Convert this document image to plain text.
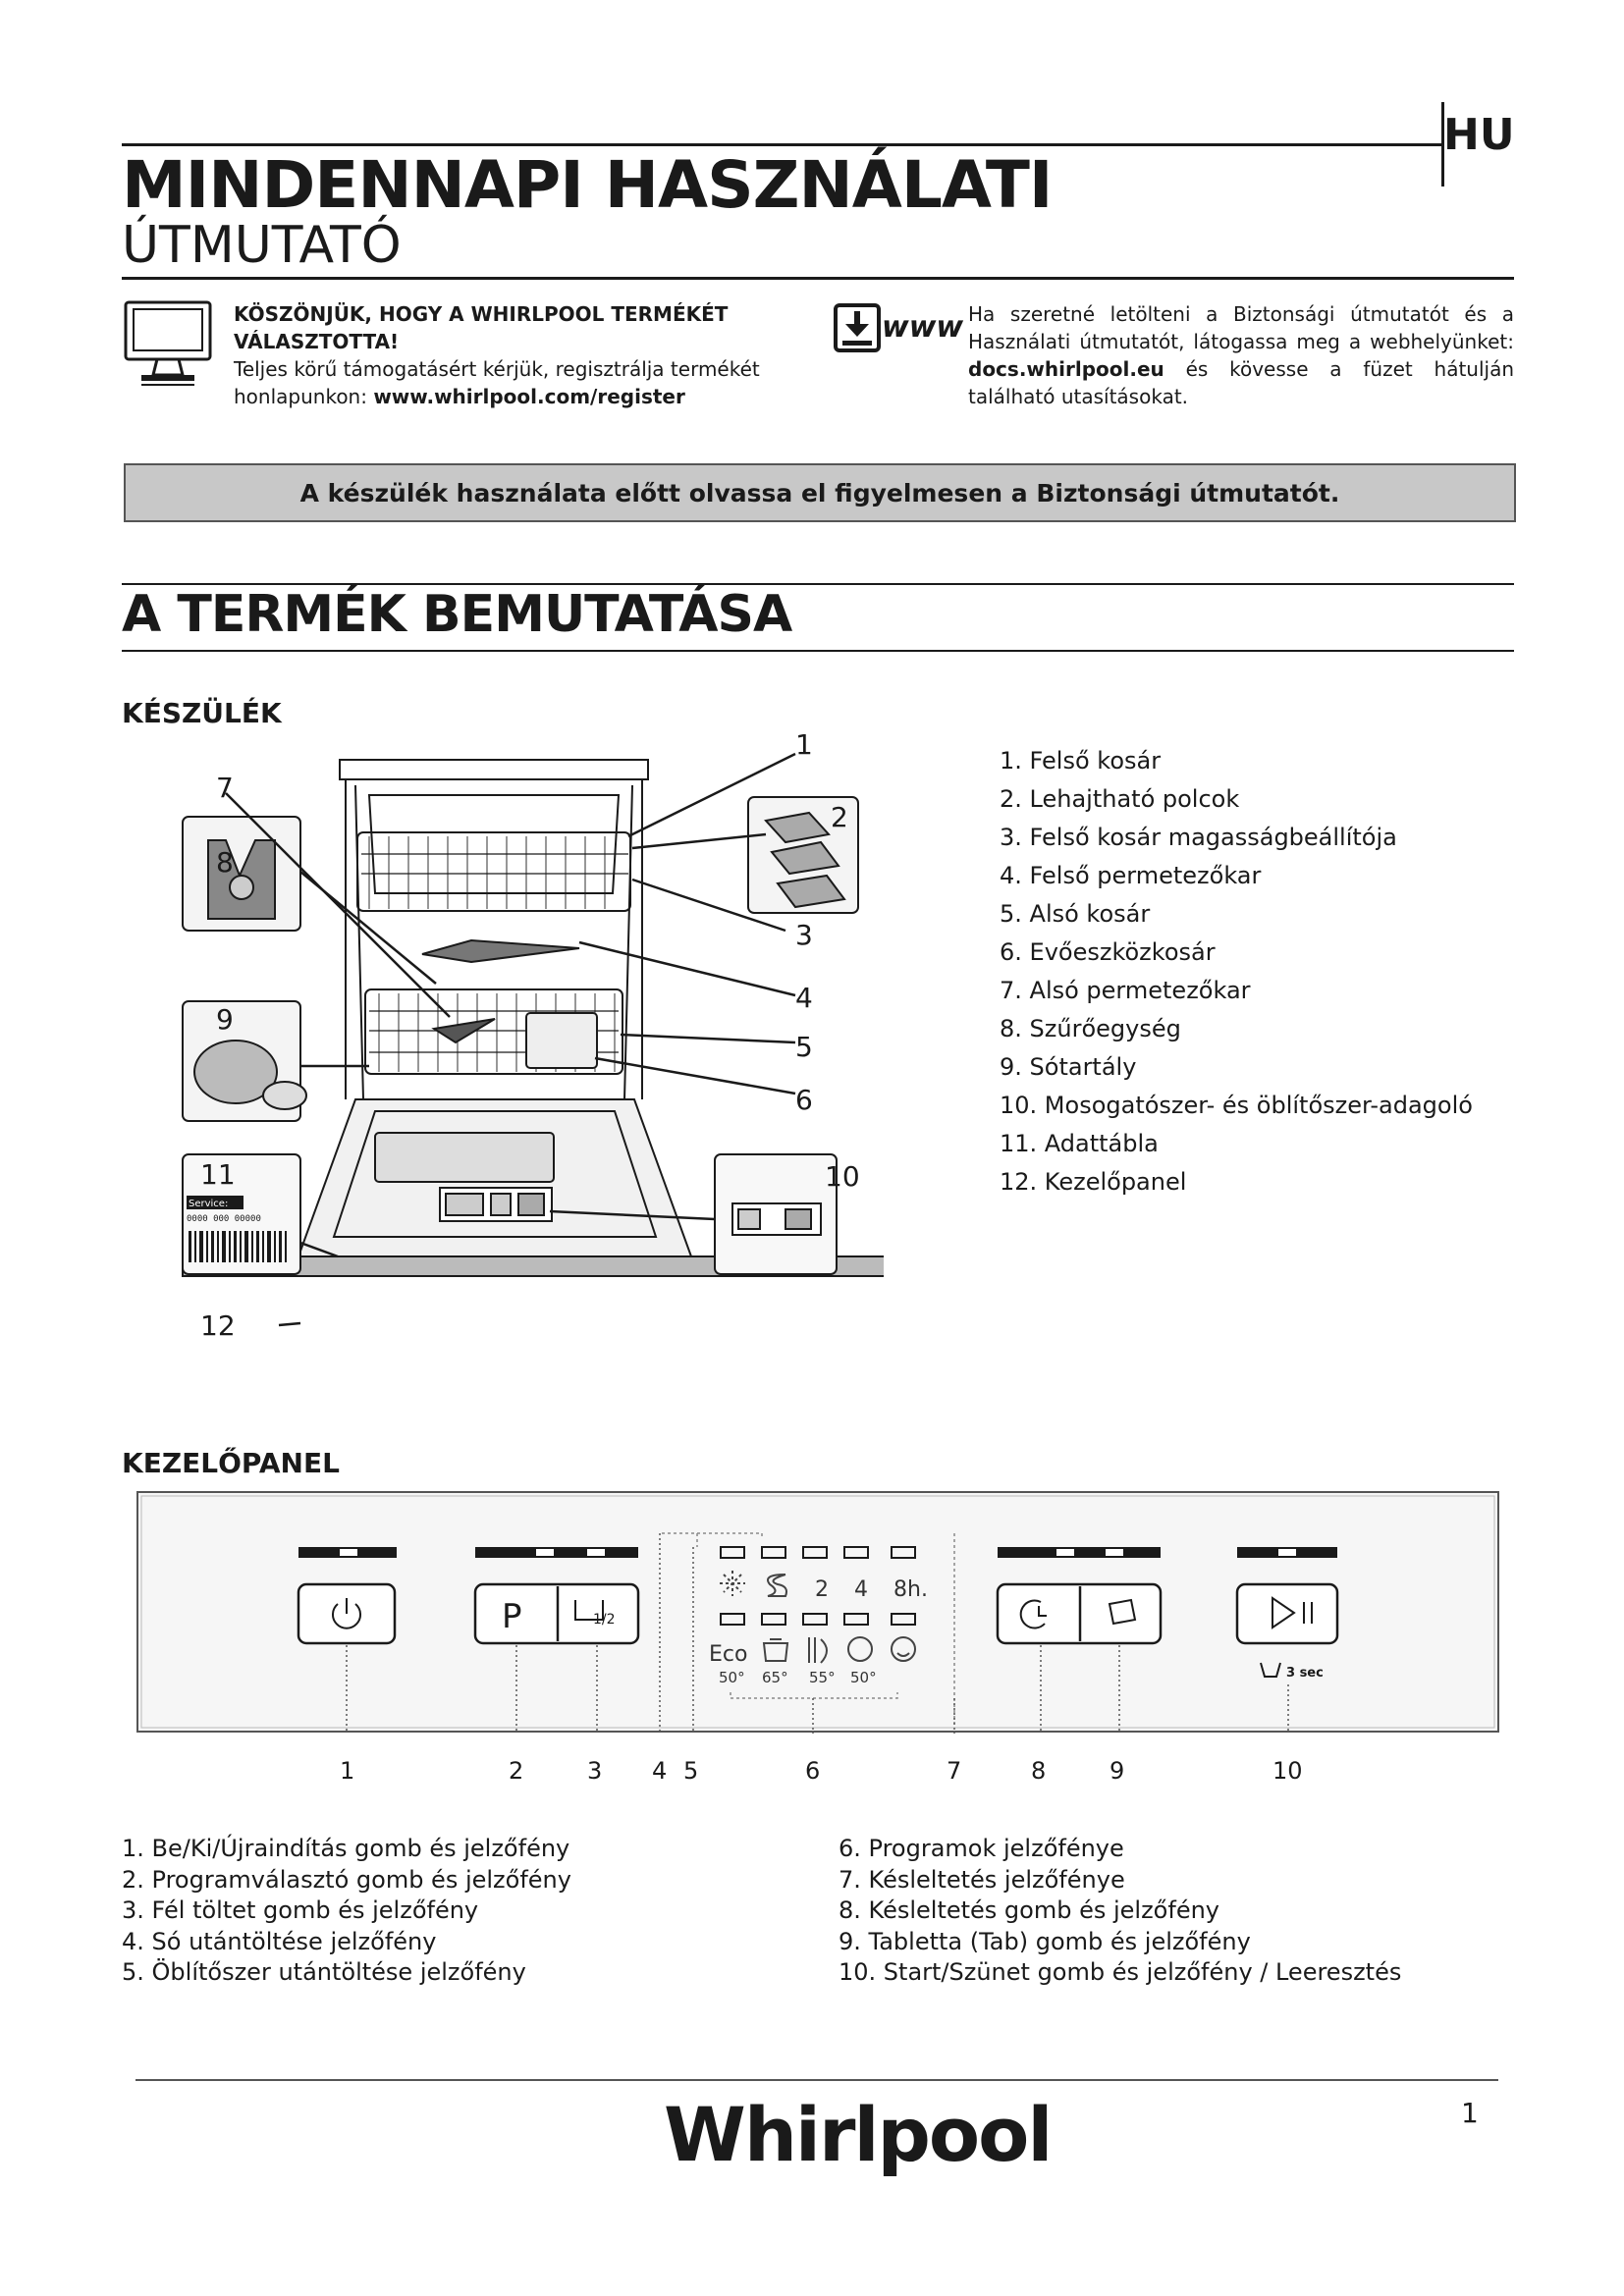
HU
MINDENNAPI HASZNÁLATI
ÚTMUTATÓ
KÖSZÖNJÜK, HOGY A WHIRLPOOL TERMÉKÉT VÁLASZTOTTA!
Teljes körű támogatásért kérjük, regisztrálja termékét honlapunkon: www.whirlpool.com/register
www Ha szeretné letölteni a Biztonsági útmutatót és a Használati útmutatót, látogassa meg a webhelyünket: docs.whirlpool.eu és kövesse a füzet hátulján található utasításokat.
A készülék használata előtt olvassa el figyelmesen a Biztonsági útmutatót.
A TERMÉK BEMUTATÁSA
KÉSZÜLÉK
Service:
0000 000 00000
1
2
3
4
5
6
7
8
9
10
11
12
1. Felső kosár
2. Lehajtható polcok
3. Felső kosár magasságbeállítója
4. Felső permetezőkar
5. Alsó kosár
6. Evőeszközkosár
7. Alsó permetezőkar
8. Szűrőegység
9. Sótartály
10. Mosogatószer- és öblítőszer-adagoló
11. Adattábla
12. Kezelőpanel
KEZELŐPANEL
2 4 8h.
Eco
50° 65° 55° 50°
P	1/2
3 sec
1	2	3 4 5	6	7	8	9	10
1. Be/Ki/Újraindítás gomb és jelzőfény
2. Programválasztó gomb és jelzőfény
3. Fél töltet gomb és jelzőfény
4. Só utántöltése jelzőfény
5. Öblítőszer utántöltése jelzőfény
6. Programok jelzőfénye
7. Késleltetés jelzőfénye
8. Késleltetés gomb és jelzőfény
9. Tabletta (Tab) gomb és jelzőfény
10. Start/Szünet gomb és jelzőfény / Leeresztés
Whirlpool	1
